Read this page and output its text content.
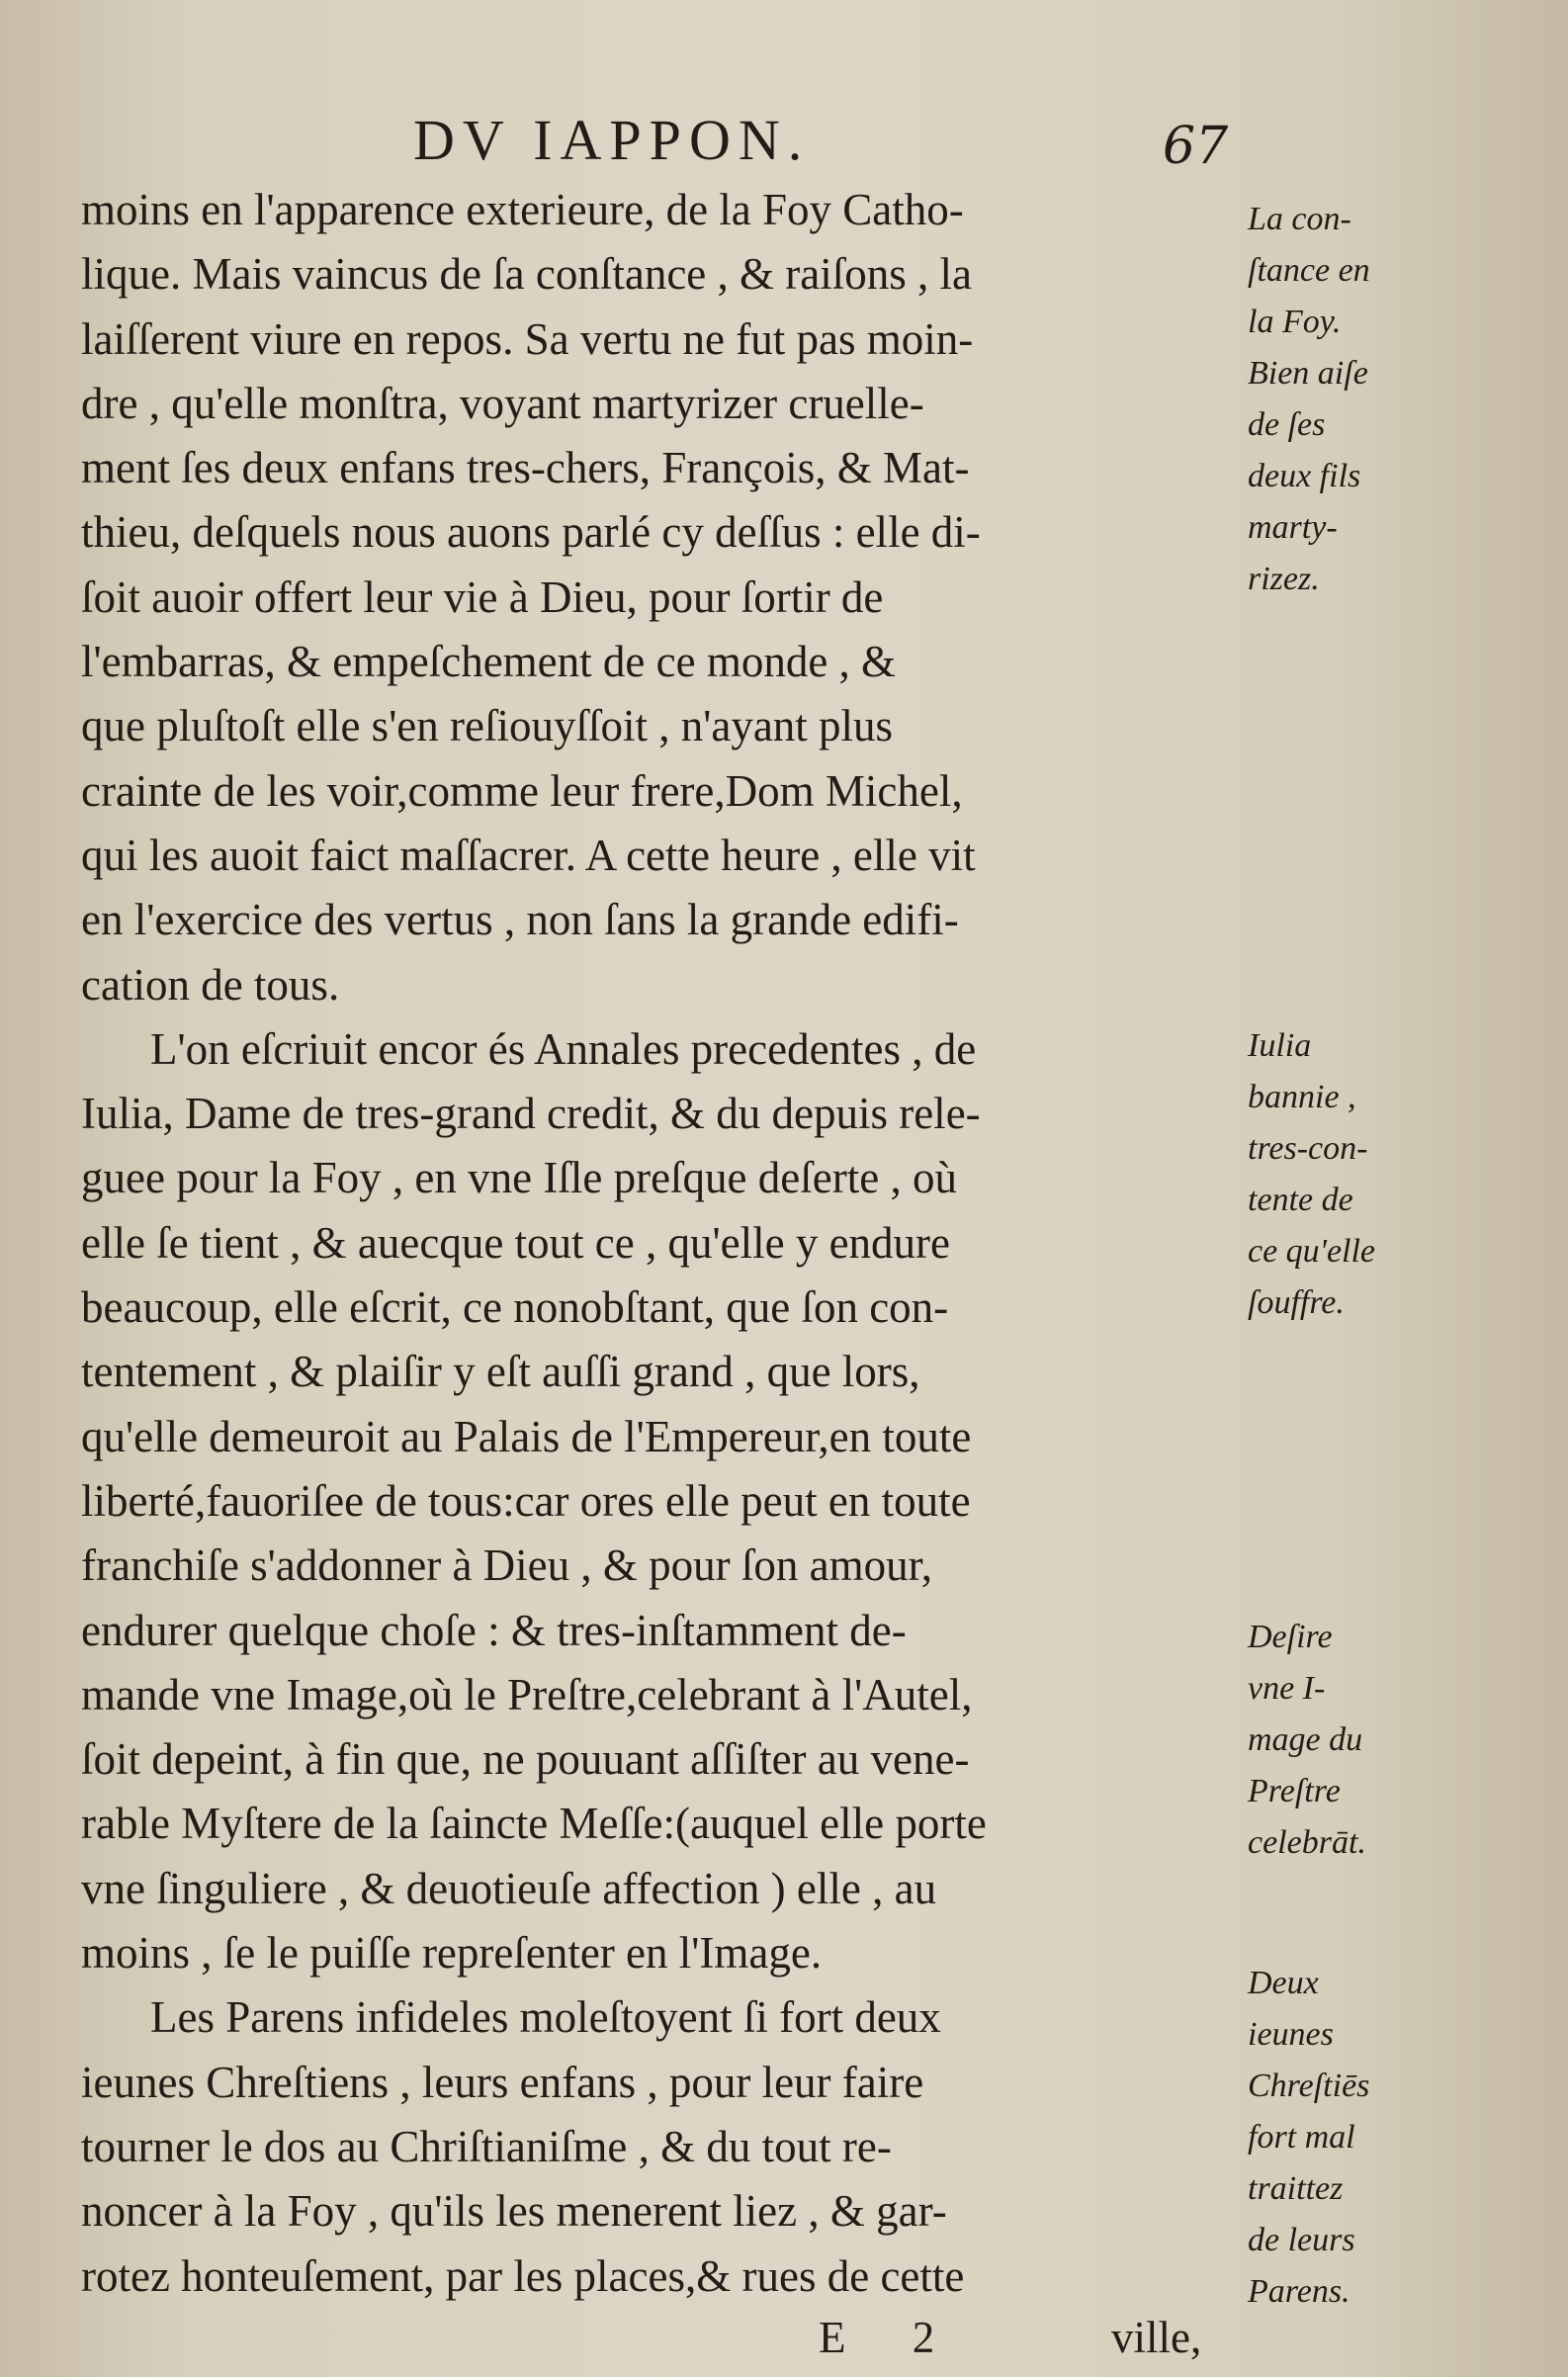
DV IAPPON.	67
moins en l'apparence exterieure, de la Foy Catho-
lique. Mais vaincus de ſa conſtance , & raiſons , la
laiſſerent viure en repos. Sa vertu ne fut pas moin-
dre , qu'elle monſtra, voyant martyrizer cruelle-
ment ſes deux enfans tres-chers, François, & Mat-
thieu, deſquels nous auons parlé cy deſſus : elle di-
ſoit auoir offert leur vie à Dieu, pour ſortir de
l'embarras, & empeſchement de ce monde , &
que pluſtoſt elle s'en reſiouyſſoit , n'ayant plus
crainte de les voir,comme leur frere,Dom Michel,
qui les auoit faict maſſacrer. A cette heure , elle vit
en l'exercice des vertus , non ſans la grande edifi-
cation de tous.
L'on eſcriuit encor és Annales precedentes , de
Iulia, Dame de tres-grand credit, & du depuis rele-
guee pour la Foy , en vne Iſle preſque deſerte , où
elle ſe tient , & auecque tout ce , qu'elle y endure
beaucoup, elle eſcrit, ce nonobſtant, que ſon con-
tentement , & plaiſir y eſt auſſi grand , que lors,
qu'elle demeuroit au Palais de l'Empereur,en toute
liberté,fauoriſee de tous:car ores elle peut en toute
franchiſe s'addonner à Dieu , & pour ſon amour,
endurer quelque choſe : & tres-inſtamment de-
mande vne Image,où le Preſtre,celebrant à l'Autel,
ſoit depeint, à fin que, ne pouuant aſſiſter au vene-
rable Myſtere de la ſaincte Meſſe:(auquel elle porte
vne ſinguliere , & deuotieuſe affection ) elle , au
moins , ſe le puiſſe repreſenter en l'Image.
Les Parens infideles moleſtoyent ſi fort deux
ieunes Chreſtiens , leurs enfans , pour leur faire
tourner le dos au Chriſtianiſme , & du tout re-
noncer à la Foy , qu'ils les menerent liez , & gar-
rotez honteuſement, par les places,& rues de cette
La con-
ſtance en
la Foy.
Bien aiſe
de ſes
deux fils
marty-
rizez.
Iulia
bannie ,
tres-con-
tente de
ce qu'elle
ſouffre.
Deſire
vne I-
mage du
Preſtre
celebrāt.
Deux
ieunes
Chreſtiēs
fort mal
traittez
de leurs
Parens.
E 2	ville,
